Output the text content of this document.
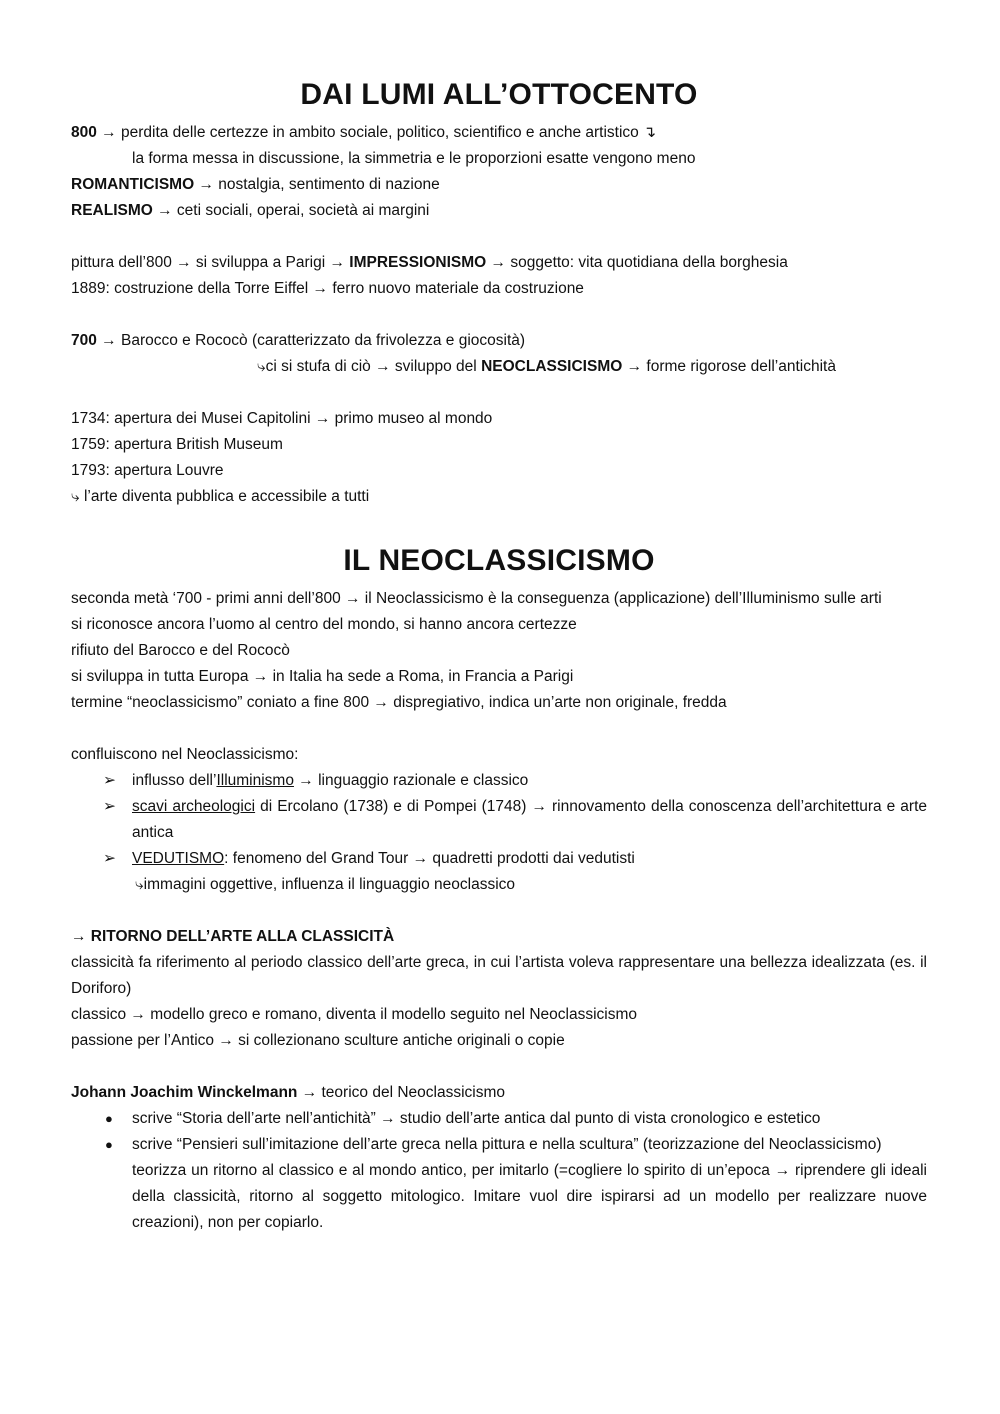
DAI LUMI ALL’OTTOCENTO

800 → perdita delle certezze in ambito sociale, politico, scientifico e anche artistico ↴

la forma messa in discussione, la simmetria e le proporzioni esatte vengono meno

ROMANTICISMO → nostalgia, sentimento di nazione

REALISMO → ceti sociali, operai, società ai margini

pittura dell’800 → si sviluppa a Parigi → IMPRESSIONISMO → soggetto: vita quotidiana della borghesia

1889: costruzione della Torre Eiffel → ferro nuovo materiale da costruzione

700 → Barocco e Rococò (caratterizzato da frivolezza e giocosità)

⤷ci si stufa di ciò → sviluppo del NEOCLASSICISMO → forme rigorose dell’antichità

1734: apertura dei Musei Capitolini → primo museo al mondo

1759: apertura British Museum

1793: apertura Louvre

⤷ l’arte diventa pubblica e accessibile a tutti

IL NEOCLASSICISMO

seconda metà ‘700 - primi anni dell’800 → il Neoclassicismo è la conseguenza (applicazione) dell’Illuminismo sulle arti

si riconosce ancora l’uomo al centro del mondo, si hanno ancora certezze

rifiuto del Barocco e del Rococò

si sviluppa in tutta Europa → in Italia ha sede a Roma, in Francia a Parigi

termine “neoclassicismo” coniato a fine 800 → dispregiativo, indica un’arte non originale, fredda

confluiscono nel Neoclassicismo:

➢ influsso dell’Illuminismo → linguaggio razionale e classico
➢ scavi archeologici di Ercolano (1738) e di Pompei (1748) → rinnovamento della conoscenza dell’architettura e arte antica
➢ VEDUTISMO: fenomeno del Grand Tour → quadretti prodotti dai vedutisti

⤷immagini oggettive, influenza il linguaggio neoclassico

→ RITORNO DELL’ARTE ALLA CLASSICITÀ

classicità fa riferimento al periodo classico dell’arte greca, in cui l’artista voleva rappresentare una bellezza idealizzata (es. il Doriforo)

classico → modello greco e romano, diventa il modello seguito nel Neoclassicismo

passione per l’Antico → si collezionano sculture antiche originali o copie

Johann Joachim Winckelmann → teorico del Neoclassicismo

● scrive “Storia dell’arte nell’antichità” → studio dell’arte antica dal punto di vista cronologico e estetico
● scrive “Pensieri sull’imitazione dell’arte greca nella pittura e nella scultura” (teorizzazione del Neoclassicismo)
teorizza un ritorno al classico e al mondo antico, per imitarlo (=cogliere lo spirito di un’epoca → riprendere gli ideali della classicità, ritorno al soggetto mitologico. Imitare vuol dire ispirarsi ad un modello per realizzare nuove creazioni), non per copiarlo.
